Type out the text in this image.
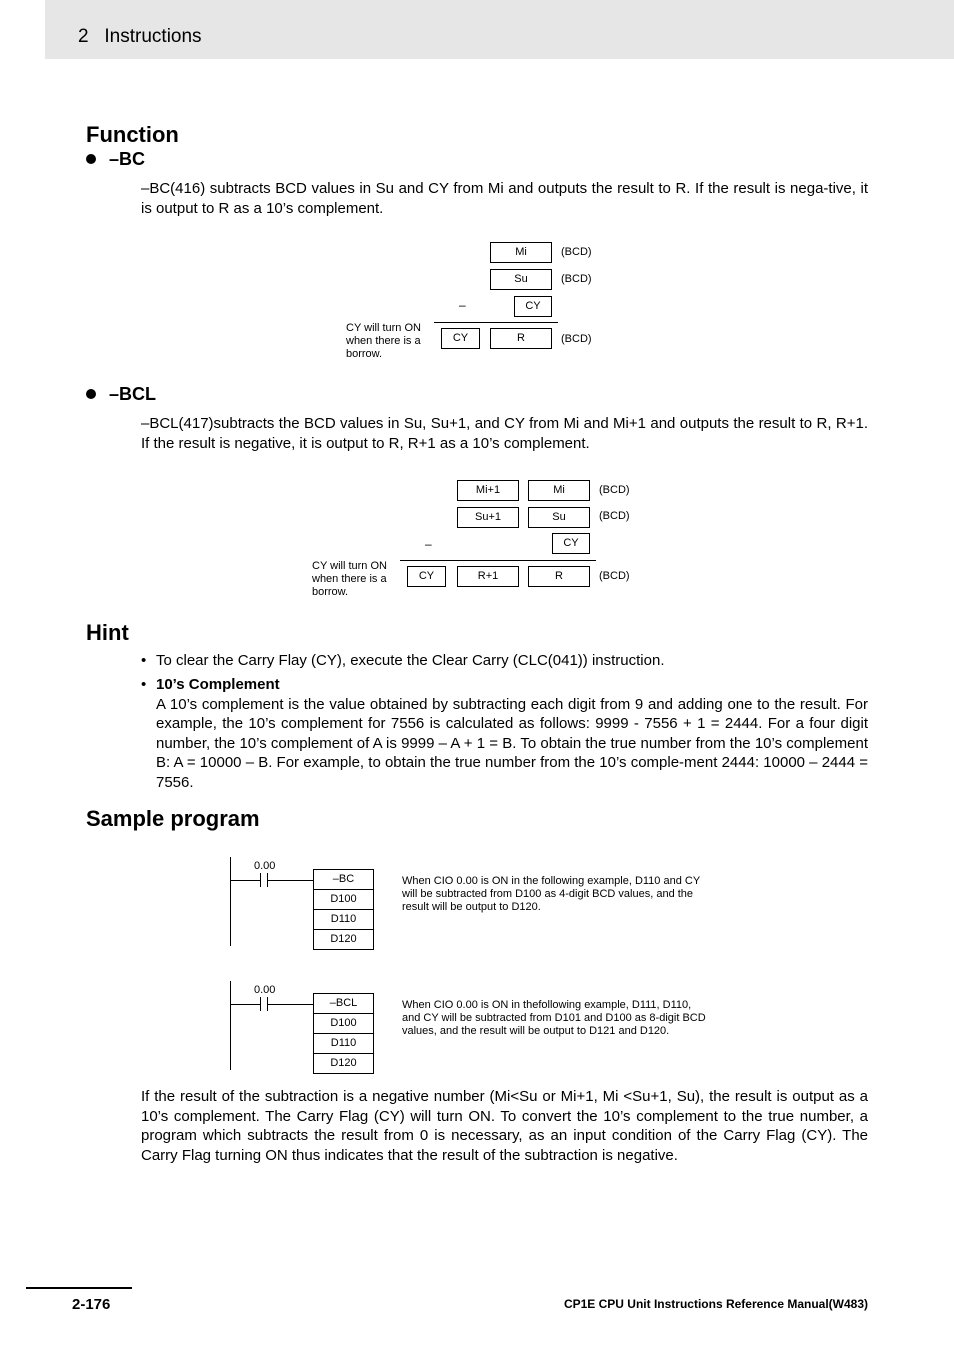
2   Instructions
Function
–BC
–BC(416) subtracts BCD values in Su and CY from Mi and outputs the result to R. If the result is nega-tive, it is output to R as a 10’s complement.
Mi	(BCD)
Su	(BCD)
–	CY
CY will turn ON when there is a borrow.
CY	R	(BCD)
–BCL
–BCL(417)subtracts the BCD values in Su, Su+1, and CY from Mi and Mi+1 and outputs the result to R, R+1. If the result is negative, it is output to R, R+1 as a 10’s complement.
Mi+1	Mi	(BCD)
Su+1	Su	(BCD)
–	CY
CY will turn ON when there is a borrow.
CY	R+1	R	(BCD)
Hint
• To clear the Carry Flay (CY), execute the Clear Carry (CLC(041)) instruction.
• 10’s Complement
A 10’s complement is the value obtained by subtracting each digit from 9 and adding one to the result. For example, the 10’s complement for 7556 is calculated as follows: 9999 - 7556 + 1 = 2444. For a four digit number, the 10’s complement of A is 9999 – A + 1 = B. To obtain the true number from the 10’s complement B: A = 10000 – B. For example, to obtain the true number from the 10’s comple-ment 2444: 10000 – 2444 = 7556.
Sample program
0.00
–BC
D100
D110
D120
When CIO 0.00 is ON in the following example, D110 and CY will be subtracted from D100 as 4-digit BCD values, and the result will be output to D120.
0.00
–BCL
D100
D110
D120
When CIO 0.00 is ON in thefollowing example, D111, D110, and CY will be subtracted from D101 and D100 as 8-digit BCD values, and the result will be output to D121 and D120.
If the result of the subtraction is a negative number (Mi<Su or Mi+1, Mi <Su+1, Su), the result is output as a 10’s complement. The Carry Flag (CY) will turn ON. To convert the 10’s complement to the true number, a program which subtracts the result from 0 is necessary, as an input condition of the Carry Flag (CY). The Carry Flag turning ON thus indicates that the result of the subtraction is negative.
2-176	CP1E CPU Unit Instructions Reference Manual(W483)
